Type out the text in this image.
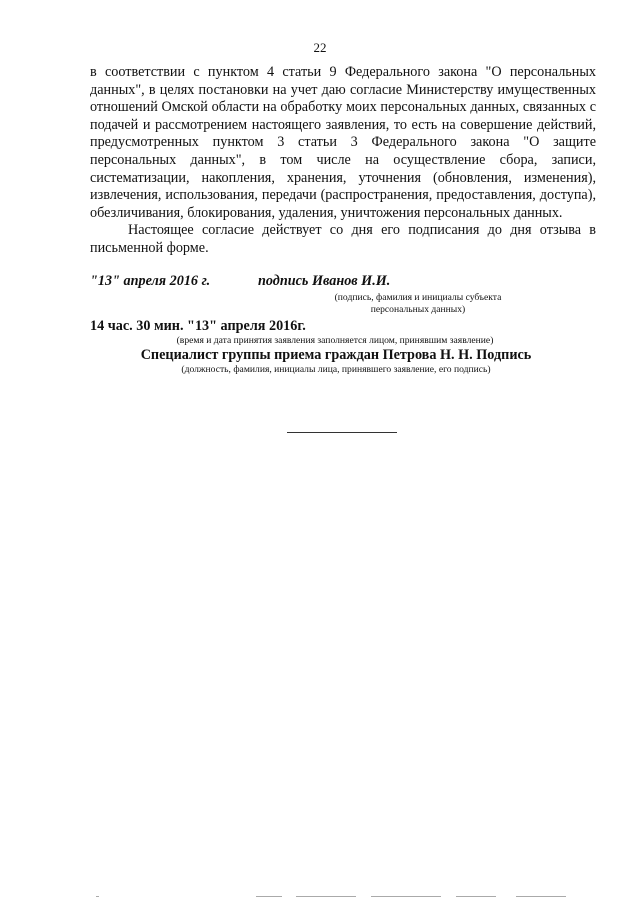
22

в соответствии с пунктом 4 статьи 9 Федерального закона "О персональных данных", в целях постановки на учет даю согласие Министерству имущественных отношений Омской области на обработку моих персональных данных, связанных с подачей и рассмотрением настоящего заявления, то есть на совершение действий, предусмотренных пунктом 3 статьи 3 Федерального закона "О защите персональных данных", в том числе на осуществление сбора, записи, систематизации, накопления, хранения, уточнения (обновления, изменения), извлечения, использования, передачи (распространения, предоставления, доступа), обезличивания, блокирования, удаления, уничтожения персональных данных.

Настоящее согласие действует со дня его подписания до дня отзыва в письменной форме.

"13" апреля 2016 г.	подпись Иванов И.И.
(подпись, фамилия и инициалы субъекта персональных данных)
14 час. 30 мин. "13" апреля 2016г.
(время и дата принятия заявления заполняется лицом, принявшим заявление)
Специалист группы приема граждан Петрова Н. Н. Подпись
(должность, фамилия, инициалы лица, принявшего заявление, его подпись)
